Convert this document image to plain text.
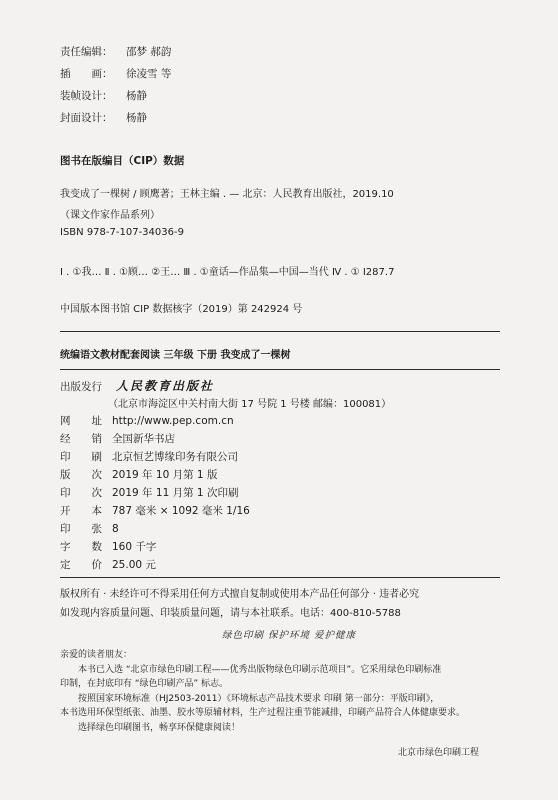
责任编辑： 邵梦 郝韵
插　　画： 徐凌雪 等
装帧设计： 杨静
封面设计： 杨静
图书在版编目（CIP）数据
我变成了一棵树 / 顾鹰著；王林主编 . — 北京：人民教育出版社，2019.10
（课文作家作品系列）
ISBN 978-7-107-34036-9
Ⅰ . ①我… Ⅱ . ①顾… ②王… Ⅲ . ①童话—作品集—中国—当代 Ⅳ . ① I287.7
中国版本图书馆 CIP 数据核字（2019）第 242924 号
统编语文教材配套阅读 三年级 下册 我变成了一棵树
出版发行 人民教育出版社
（北京市海淀区中关村南大街 17 号院 1 号楼 邮编：100081）
网　　址 http://www.pep.com.cn
经　　销 全国新华书店
印　　刷 北京恒艺博缘印务有限公司
版　　次 2019 年 10 月第 1 版
印　　次 2019 年 11 月第 1 次印刷
开　　本 787 毫米 × 1092 毫米 1/16
印　　张 8
字　　数 160 千字
定　　价 25.00 元
版权所有 · 未经许可不得采用任何方式擅自复制或使用本产品任何部分 · 违者必究
如发现内容质量问题、印装质量问题，请与本社联系。电话：400-810-5788
绿色印刷 保护环境 爱护健康
亲爱的读者朋友：
本书已入选 “北京市绿色印刷工程——优秀出版物绿色印刷示范项目”。它采用绿色印刷标准
印制，在封底印有 “绿色印刷产品” 标志。
按照国家环境标准（HJ2503-2011）《环境标志产品技术要求 印刷 第一部分：平版印刷》，
本书选用环保型纸张、油墨、胶水等原辅材料，生产过程注重节能减排，印刷产品符合人体健康要求。
选择绿色印刷图书，畅享环保健康阅读！
北京市绿色印刷工程
